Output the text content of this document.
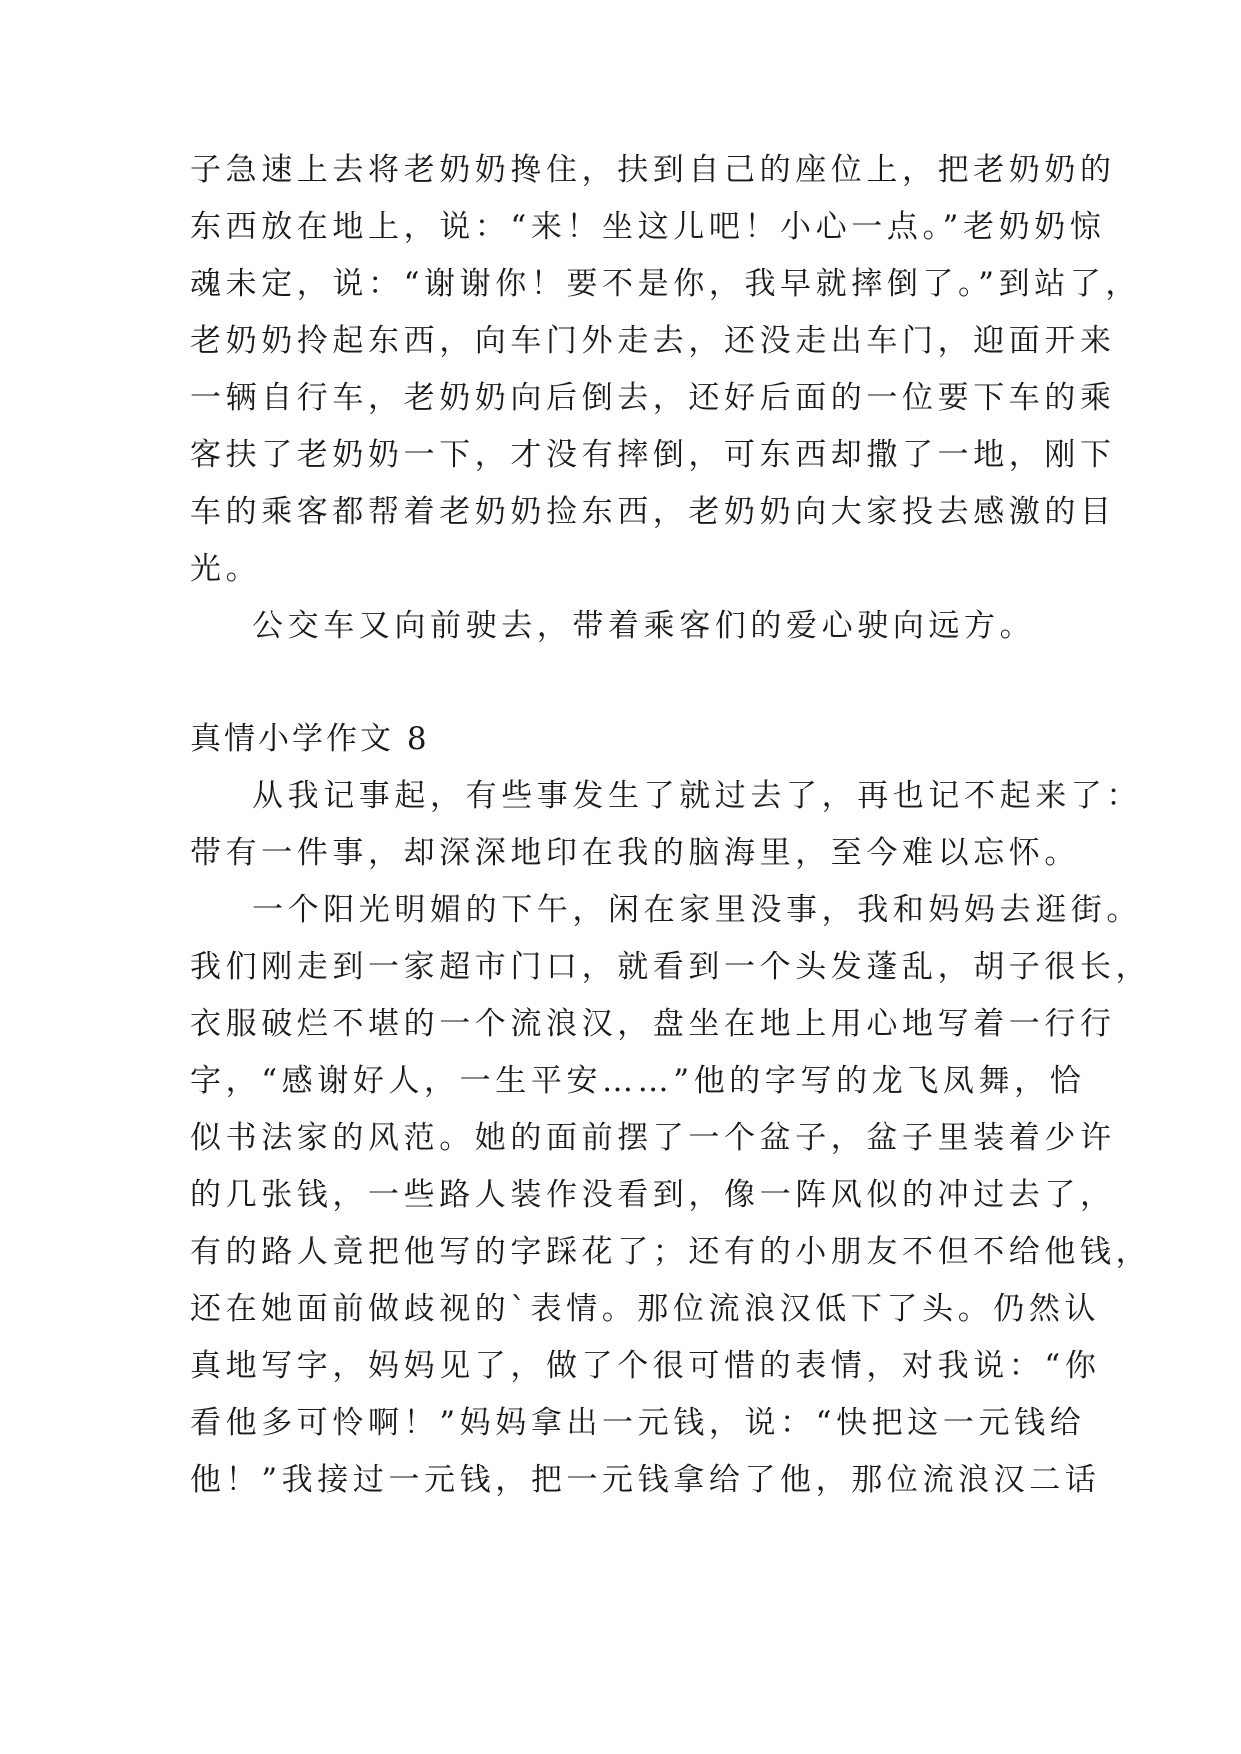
子急速上去将老奶奶搀住，扶到自己的座位上，把老奶奶的
东西放在地上，说：“来！坐这儿吧！小心一点。”老奶奶惊
魂未定，说：“谢谢你！要不是你，我早就摔倒了。”到站了，
老奶奶拎起东西，向车门外走去，还没走出车门，迎面开来
一辆自行车，老奶奶向后倒去，还好后面的一位要下车的乘
客扶了老奶奶一下，才没有摔倒，可东西却撒了一地，刚下
车的乘客都帮着老奶奶捡东西，老奶奶向大家投去感激的目
光。
公交车又向前驶去，带着乘客们的爱心驶向远方。
真情小学作文 8
从我记事起，有些事发生了就过去了，再也记不起来了：
带有一件事，却深深地印在我的脑海里，至今难以忘怀。
一个阳光明媚的下午，闲在家里没事，我和妈妈去逛街。
我们刚走到一家超市门口，就看到一个头发蓬乱，胡子很长，
衣服破烂不堪的一个流浪汉，盘坐在地上用心地写着一行行
字，“感谢好人，一生平安……”他的字写的龙飞凤舞，恰
似书法家的风范。她的面前摆了一个盆子，盆子里装着少许
的几张钱，一些路人装作没看到，像一阵风似的冲过去了，
有的路人竟把他写的字踩花了；还有的小朋友不但不给他钱，
还在她面前做歧视的`表情。那位流浪汉低下了头。仍然认
真地写字，妈妈见了，做了个很可惜的表情，对我说：“你
看他多可怜啊！”妈妈拿出一元钱，说：“快把这一元钱给
他！”我接过一元钱，把一元钱拿给了他，那位流浪汉二话
